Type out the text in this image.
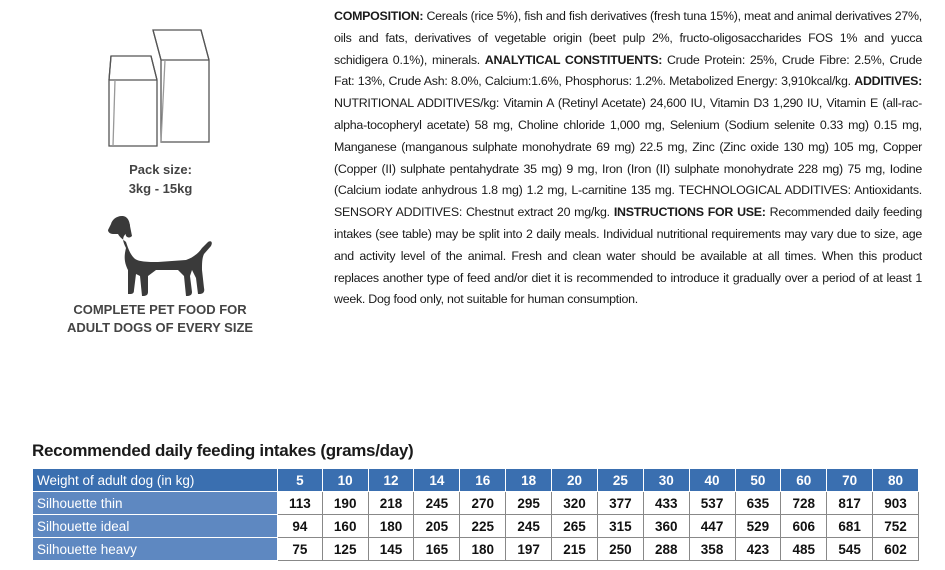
Pack size:
3kg - 15kg
COMPLETE PET FOOD FOR
ADULT DOGS OF EVERY SIZE
COMPOSITION: Cereals (rice 5%), fish and fish derivatives (fresh tuna 15%), meat and animal derivatives 27%, oils and fats, derivatives of vegetable origin (beet pulp 2%, fructo-oligosaccharides FOS 1% and yucca schidigera 0.1%), minerals. ANALYTICAL CONSTITUENTS: Crude Protein: 25%, Crude Fibre: 2.5%, Crude Fat: 13%, Crude Ash: 8.0%, Calcium:1.6%, Phosphorus: 1.2%. Metabolized Energy: 3,910kcal/kg. ADDITIVES: NUTRITIONAL ADDITIVES/kg: Vitamin A (Retinyl Acetate) 24,600 IU, Vitamin D3 1,290 IU, Vitamin E (all-rac-alpha-tocopheryl acetate) 58 mg, Choline chloride 1,000 mg, Selenium (Sodium selenite 0.33 mg) 0.15 mg, Manganese (manganous sulphate monohydrate 69 mg) 22.5 mg, Zinc (Zinc oxide 130 mg) 105 mg, Copper (Copper (II) sulphate pentahydrate 35 mg) 9 mg, Iron (Iron (II) sulphate monohydrate 228 mg) 75 mg, Iodine (Calcium iodate anhydrous 1.8 mg) 1.2 mg, L-carnitine 135 mg. TECHNOLOGICAL ADDITIVES: Antioxidants. SENSORY ADDITIVES: Chestnut extract 20 mg/kg. INSTRUCTIONS FOR USE: Recommended daily feeding intakes (see table) may be split into 2 daily meals. Individual nutritional requirements may vary due to size, age and activity level of the animal. Fresh and clean water should be available at all times. When this product replaces another type of feed and/or diet it is recommended to introduce it gradually over a period of at least 1 week. Dog food only, not suitable for human consumption.
Recommended daily feeding intakes (grams/day)
Weight of adult dog (in kg)	5	10	12	14	16	18	20	25	30	40	50	60	70	80
Silhouette thin	113	190	218	245	270	295	320	377	433	537	635	728	817	903
Silhouette ideal	94	160	180	205	225	245	265	315	360	447	529	606	681	752
Silhouette heavy	75	125	145	165	180	197	215	250	288	358	423	485	545	602
